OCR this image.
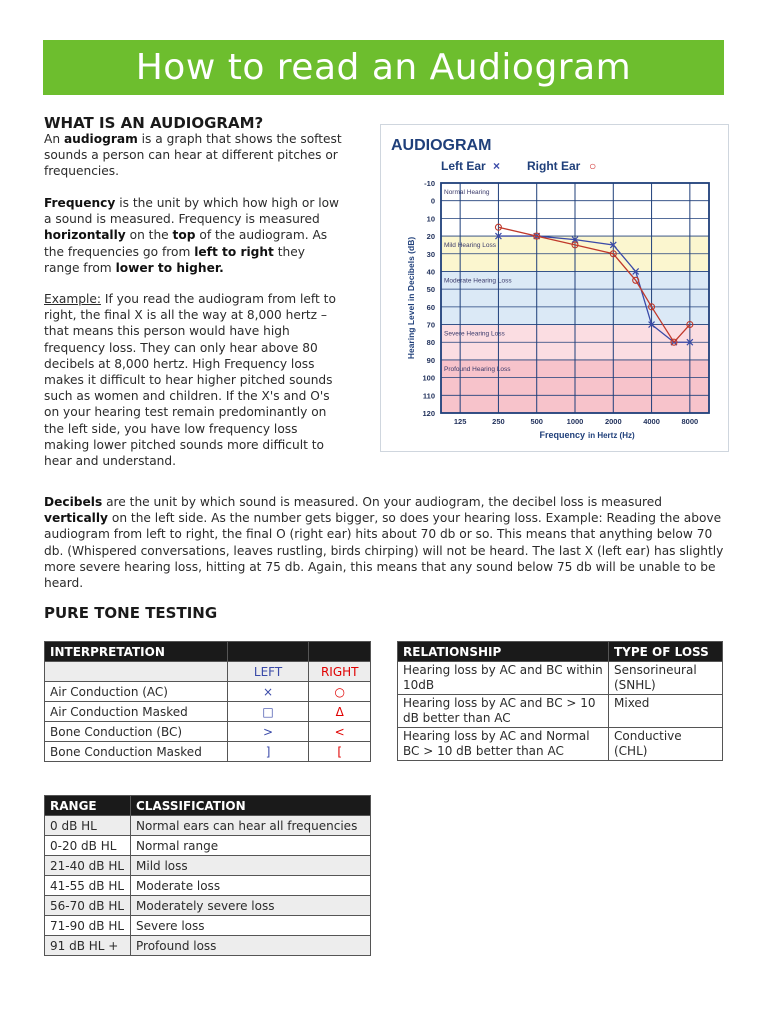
How to read an Audiogram
WHAT IS AN AUDIOGRAM?
An audiogram is a graph that shows the softest sounds a person can hear at different pitches or frequencies.
Frequency is the unit by which how high or low a sound is measured. Frequency is measured horizontally on the top of the audiogram. As the frequencies go from left to right they range from lower to higher.
Example: If you read the audiogram from left to right, the final X is all the way at 8,000 hertz – that means this person would have high frequency loss. They can only hear above 80 decibels at 8,000 hertz. High Frequency loss makes it difficult to hear higher pitched sounds such as women and children. If the X's and O's on your hearing test remain predominantly on the left side, you have low frequency loss making lower pitched sounds more difficult to hear and understand.
Normal Hearing
Mild Hearing Loss
Moderate Hearing Loss
Severe Hearing Loss
Profound Hearing Loss
-10
0
10
20
30
40
50
60
70
80
90
100
110
120
125	250	500	1000	2000	4000	8000
AUDIOGRAM
Left Ear × Right Ear ○
Hearing Level in Decibels (dB)
Frequency in Hertz (Hz)
Decibels are the unit by which sound is measured. On your audiogram, the decibel loss is measured vertically on the left side. As the number gets bigger, so does your hearing loss. Example: Reading the above audiogram from left to right, the final O (right ear) hits about 70 db or so. This means that anything below 70 db. (Whispered conversations, leaves rustling, birds chirping) will not be heard. The last X (left ear) has slightly more severe hearing loss, hitting at 75 db. Again, this means that any sound below 75 db will be unable to be heard.
PURE TONE TESTING
INTERPRETATION		
	LEFT	RIGHT
Air Conduction (AC)	×	○
Air Conduction Masked	□	Δ
Bone Conduction (BC)	>	<
Bone Conduction Masked	]	[
RELATIONSHIP	TYPE OF LOSS
Hearing loss by AC and BC within 10dB	Sensorineural (SNHL)
Hearing loss by AC and BC > 10 dB better than AC	Mixed
Hearing loss by AC and Normal BC > 10 dB better than AC	Conductive (CHL)
RANGE	CLASSIFICATION
0 dB HL	Normal ears can hear all frequencies
0-20 dB HL	Normal range
21-40 dB HL	Mild loss
41-55 dB HL	Moderate loss
56-70 dB HL	Moderately severe loss
71-90 dB HL	Severe loss
91 dB HL +	Profound loss
